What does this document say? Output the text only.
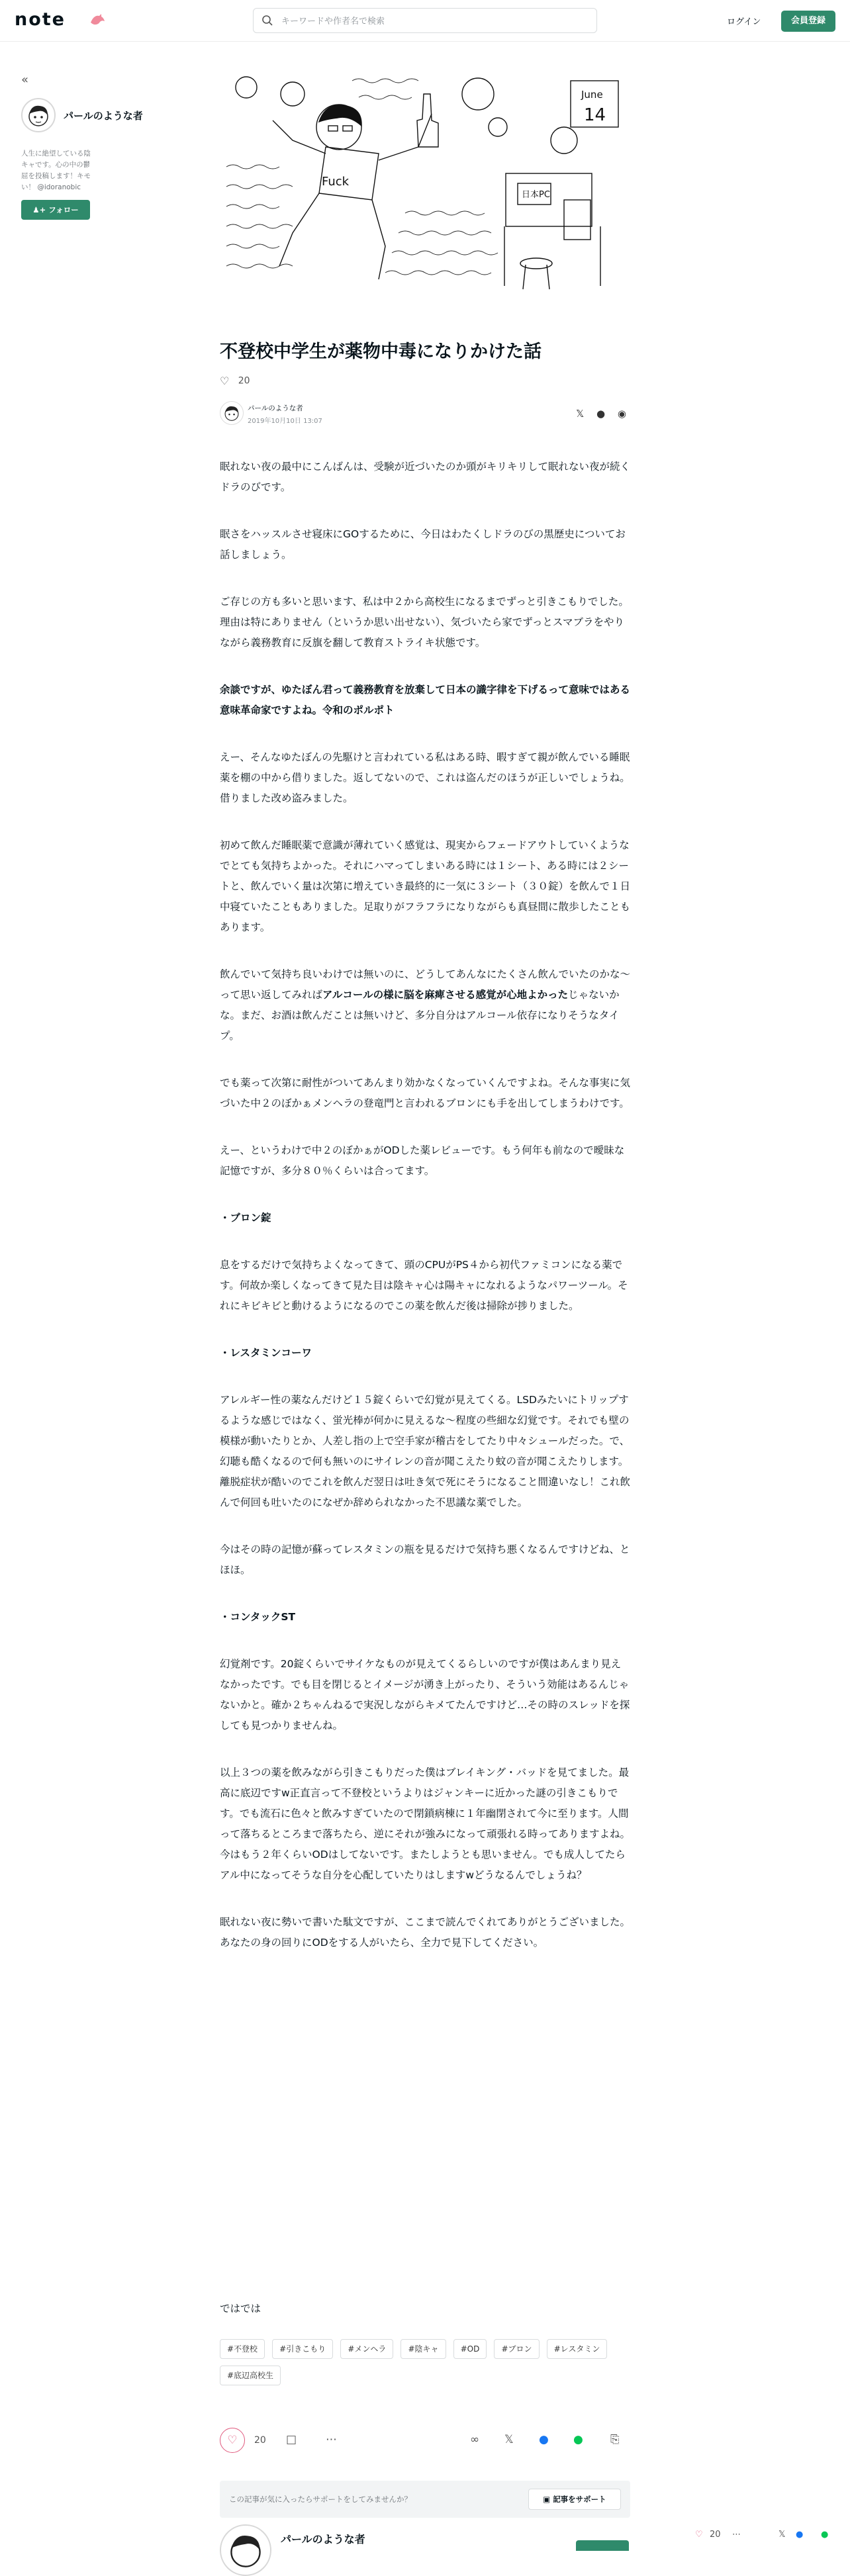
note
キーワードや作者名で検索	ログイン	会員登録
«
パールのような者
人生に絶望している陰キャです。心の中の鬱屈を投稿します！キモい！ @idoranobic
♟+ フォロー
June
14
Fuck
日本PC
不登校中学生が薬物中毒になりかけた話
♡ 20
パールのような者
2019年10月10日 13:07
𝕏 ● ◉

眠れない夜の最中にこんばんは、受験が近づいたのか頭がキリキリして眠れない夜が続くドラのびです。

眠さをハッスルさせ寝床にGOするために、今日はわたくしドラのびの黒歴史についてお話しましょう。

ご存じの方も多いと思います、私は中２から高校生になるまでずっと引きこもりでした。理由は特にありません（というか思い出せない）、気づいたら家でずっとスマブラをやりながら義務教育に反旗を翻して教育ストライキ状態です。

余談ですが、ゆたぼん君って義務教育を放棄して日本の識字律を下げるって意味ではある意味革命家ですよね。令和のポルポト

えー、そんなゆたぼんの先駆けと言われている私はある時、暇すぎて親が飲んでいる睡眠薬を棚の中から借りました。返してないので、これは盗んだのほうが正しいでしょうね。借りました改め盗みました。

初めて飲んだ睡眠薬で意識が薄れていく感覚は、現実からフェードアウトしていくようなでとても気持ちよかった。それにハマってしまいある時には１シート、ある時には２シートと、飲んでいく量は次第に増えていき最終的に一気に３シート（３０錠）を飲んで１日中寝ていたこともありました。足取りがフラフラになりながらも真昼間に散歩したこともあります。

飲んでいて気持ち良いわけでは無いのに、どうしてあんなにたくさん飲んでいたのかな〜って思い返してみればアルコールの様に脳を麻痺させる感覚が心地よかったじゃないかな。まだ、お酒は飲んだことは無いけど、多分自分はアルコール依存になりそうなタイプ。

でも薬って次第に耐性がついてあんまり効かなくなっていくんですよね。そんな事実に気づいた中２のぼかぁメンヘラの登竜門と言われるブロンにも手を出してしまうわけです。

えー、というわけで中２のぼかぁがODした薬レビューです。もう何年も前なので曖昧な記憶ですが、多分８０％くらいは合ってます。

・ブロン錠

息をするだけで気持ちよくなってきて、頭のCPUがPS４から初代ファミコンになる薬です。何故か楽しくなってきて見た目は陰キャ心は陽キャになれるようなパワーツール。それにキビキビと動けるようになるのでこの薬を飲んだ後は掃除が捗りました。

・レスタミンコーワ

アレルギー性の薬なんだけど１５錠くらいで幻覚が見えてくる。LSDみたいにトリップするような感じではなく、蛍光棒が何かに見えるな〜程度の些細な幻覚です。それでも壁の模様が動いたりとか、人差し指の上で空手家が稽古をしてたり中々シュールだった。で、幻聴も酷くなるので何も無いのにサイレンの音が聞こえたり蚊の音が聞こえたりします。離脱症状が酷いのでこれを飲んだ翌日は吐き気で死にそうになること間違いなし！これ飲んで何回も吐いたのになぜか辞められなかった不思議な薬でした。

今はその時の記憶が蘇ってレスタミンの瓶を見るだけで気持ち悪くなるんですけどね、とほほ。

・コンタックST

幻覚剤です。20錠くらいでサイケなものが見えてくるらしいのですが僕はあんまり見えなかったです。でも目を閉じるとイメージが湧き上がったり、そういう効能はあるんじゃないかと。確か２ちゃんねるで実況しながらキメてたんですけど…その時のスレッドを探しても見つかりませんね。

以上３つの薬を飲みながら引きこもりだった僕はブレイキング・バッドを見てました。最高に底辺ですw正直言って不登校というよりはジャンキーに近かった謎の引きこもりです。でも流石に色々と飲みすぎていたので閉鎖病棟に１年幽閉されて今に至ります。人間って落ちるところまで落ちたら、逆にそれが強みになって頑張れる時ってありますよね。今はもう２年くらいODはしてないです。またしようとも思いません。でも成人してたらアル中になってそうな自分を心配していたりはしますwどうなるんでしょうね？

眠れない夜に勢いで書いた駄文ですが、ここまで読んでくれてありがとうございました。あなたの身の回りにODをする人がいたら、全力で見下してください。

ではでは
#不登校	#引きこもり	#メンヘラ	#陰キャ	#OD	#ブロン	#レスタミン #底辺高校生
♡	20 □	⋯	∞ 𝕏 ● ● ⎘
この記事が気に入ったらサポートをしてみませんか？	▣ 記事をサポート
パールのような者	♡ 20 ⋯	𝕏 ● ●
